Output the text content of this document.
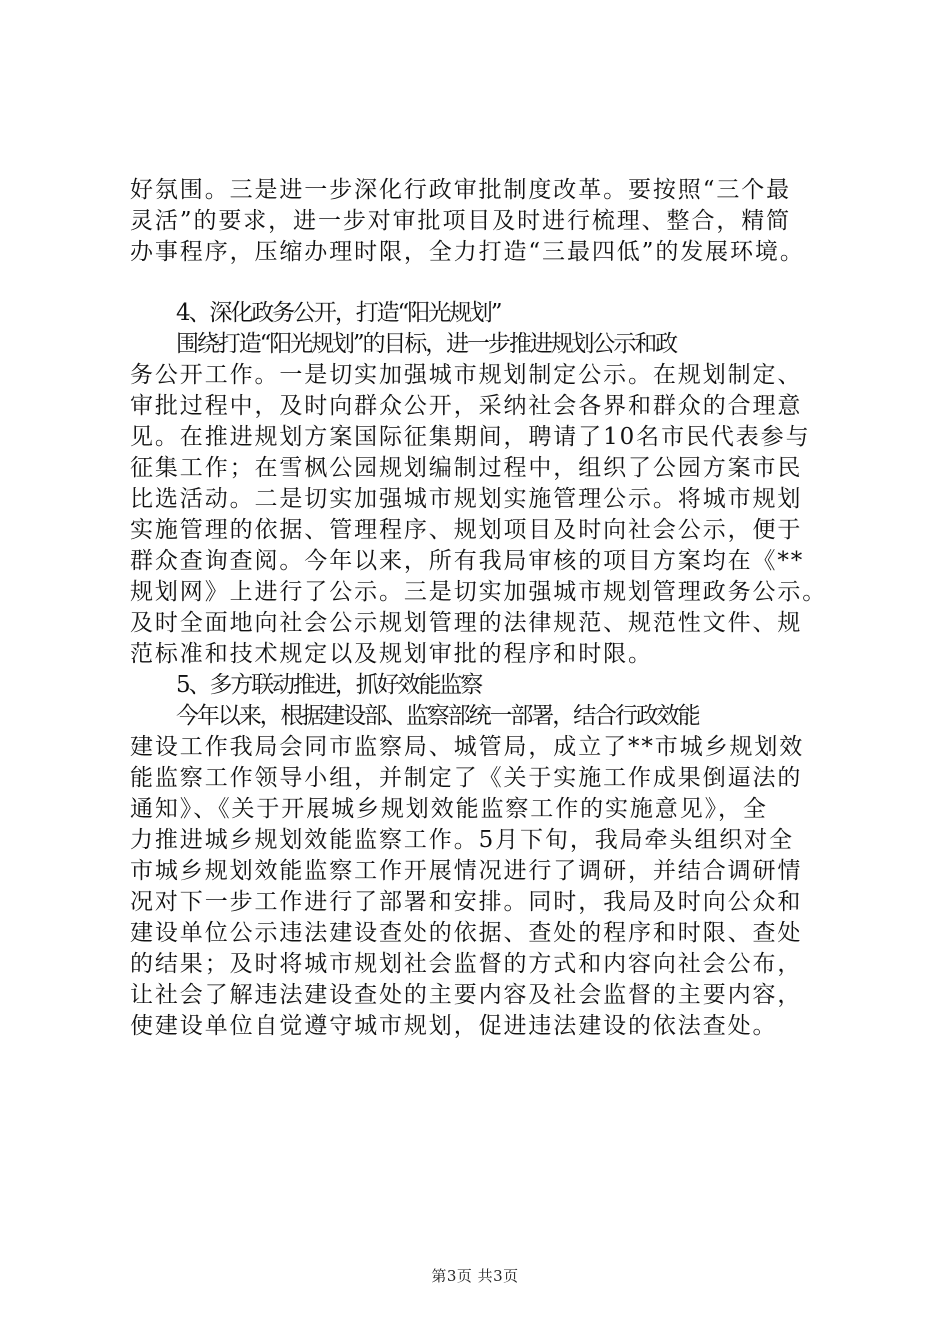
好氛围。三是进一步深化行政审批制度改革。要按照“三个最
灵活”的要求，进一步对审批项目及时进行梳理、整合，精简
办事程序，压缩办理时限，全力打造“三最四低”的发展环境。
4、深化政务公开，打造“阳光规划”
围绕打造“阳光规划”的目标，进一步推进规划公示和政
务公开工作。一是切实加强城市规划制定公示。在规划制定、
审批过程中，及时向群众公开，采纳社会各界和群众的合理意
见。在推进规划方案国际征集期间，聘请了10名市民代表参与
征集工作；在雪枫公园规划编制过程中，组织了公园方案市民
比选活动。二是切实加强城市规划实施管理公示。将城市规划
实施管理的依据、管理程序、规划项目及时向社会公示，便于
群众查询查阅。今年以来，所有我局审核的项目方案均在《**
规划网》上进行了公示。三是切实加强城市规划管理政务公示。
及时全面地向社会公示规划管理的法律规范、规范性文件、规
范标准和技术规定以及规划审批的程序和时限。
5、多方联动推进，抓好效能监察
今年以来，根据建设部、监察部统一部署，结合行政效能
建设工作我局会同市监察局、城管局，成立了**市城乡规划效
能监察工作领导小组，并制定了《关于实施工作成果倒逼法的
通知》、《关于开展城乡规划效能监察工作的实施意见》，全
力推进城乡规划效能监察工作。5月下旬，我局牵头组织对全
市城乡规划效能监察工作开展情况进行了调研，并结合调研情
况对下一步工作进行了部署和安排。同时，我局及时向公众和
建设单位公示违法建设查处的依据、查处的程序和时限、查处
的结果；及时将城市规划社会监督的方式和内容向社会公布，
让社会了解违法建设查处的主要内容及社会监督的主要内容，
使建设单位自觉遵守城市规划，促进违法建设的依法查处。
第3页 共3页
